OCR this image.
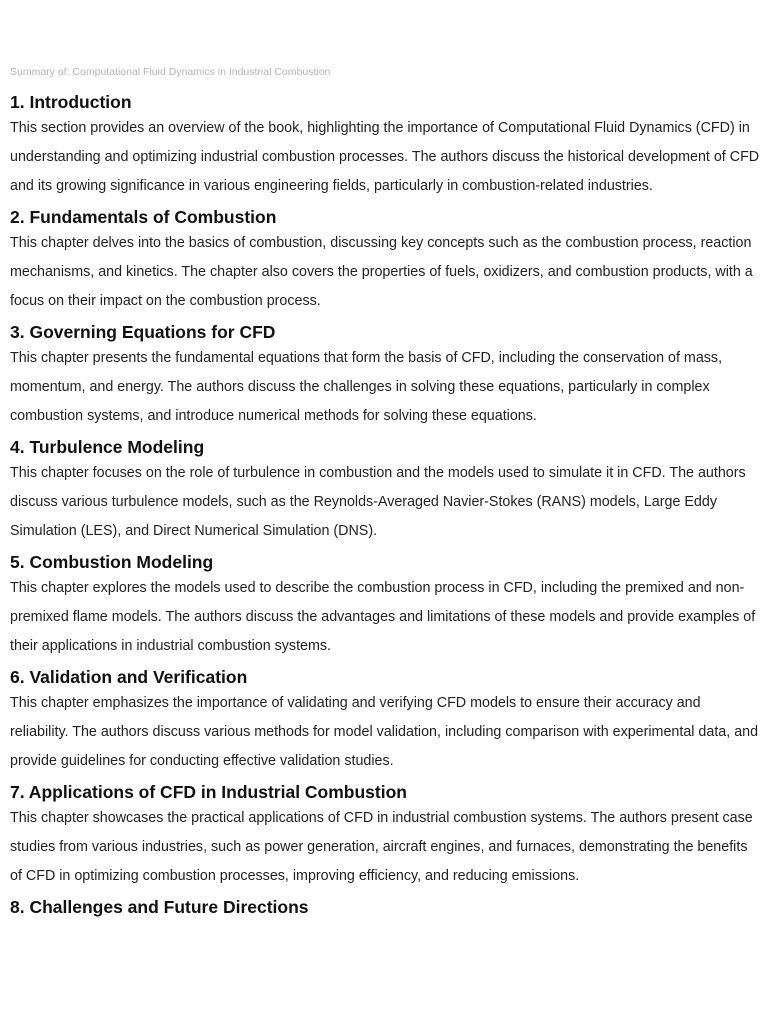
Summary of: Computational Fluid Dynamics in Industrial Combustion
1. Introduction

This section provides an overview of the book, highlighting the importance of Computational Fluid Dynamics (CFD) in understanding and optimizing industrial combustion processes. The authors discuss the historical development of CFD and its growing significance in various engineering fields, particularly in combustion-related industries.

2. Fundamentals of Combustion

This chapter delves into the basics of combustion, discussing key concepts such as the combustion process, reaction mechanisms, and kinetics. The chapter also covers the properties of fuels, oxidizers, and combustion products, with a focus on their impact on the combustion process.

3. Governing Equations for CFD

This chapter presents the fundamental equations that form the basis of CFD, including the conservation of mass, momentum, and energy. The authors discuss the challenges in solving these equations, particularly in complex combustion systems, and introduce numerical methods for solving these equations.

4. Turbulence Modeling

This chapter focuses on the role of turbulence in combustion and the models used to simulate it in CFD. The authors discuss various turbulence models, such as the Reynolds-Averaged Navier-Stokes (RANS) models, Large Eddy Simulation (LES), and Direct Numerical Simulation (DNS).

5. Combustion Modeling

This chapter explores the models used to describe the combustion process in CFD, including the premixed and non-premixed flame models. The authors discuss the advantages and limitations of these models and provide examples of their applications in industrial combustion systems.

6. Validation and Verification

This chapter emphasizes the importance of validating and verifying CFD models to ensure their accuracy and reliability. The authors discuss various methods for model validation, including comparison with experimental data, and provide guidelines for conducting effective validation studies.

7. Applications of CFD in Industrial Combustion

This chapter showcases the practical applications of CFD in industrial combustion systems. The authors present case studies from various industries, such as power generation, aircraft engines, and furnaces, demonstrating the benefits of CFD in optimizing combustion processes, improving efficiency, and reducing emissions.

8. Challenges and Future Directions
